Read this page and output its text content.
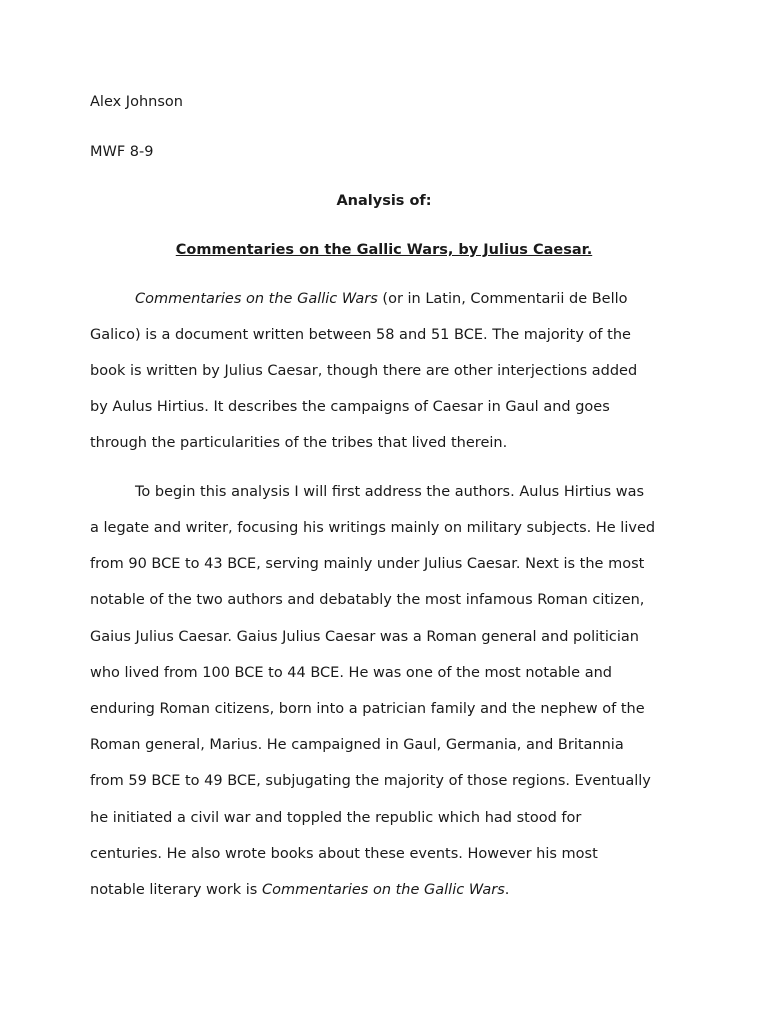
Alex Johnson
MWF 8-9
Analysis of:
Commentaries on the Gallic Wars, by Julius Caesar.
Commentaries on the Gallic Wars (or in Latin, Commentarii de Bello
Galico) is a document written between 58 and 51 BCE. The majority of the
book is written by Julius Caesar, though there are other interjections added
by Aulus Hirtius. It describes the campaigns of Caesar in Gaul and goes
through the particularities of the tribes that lived therein.
To begin this analysis I will first address the authors. Aulus Hirtius was
a legate and writer, focusing his writings mainly on military subjects. He lived
from 90 BCE to 43 BCE, serving mainly under Julius Caesar. Next is the most
notable of the two authors and debatably the most infamous Roman citizen,
Gaius Julius Caesar. Gaius Julius Caesar was a Roman general and politician
who lived from 100 BCE to 44 BCE. He was one of the most notable and
enduring Roman citizens, born into a patrician family and the nephew of the
Roman general, Marius. He campaigned in Gaul, Germania, and Britannia
from 59 BCE to 49 BCE, subjugating the majority of those regions. Eventually
he initiated a civil war and toppled the republic which had stood for
centuries. He also wrote books about these events. However his most
notable literary work is Commentaries on the Gallic Wars.
